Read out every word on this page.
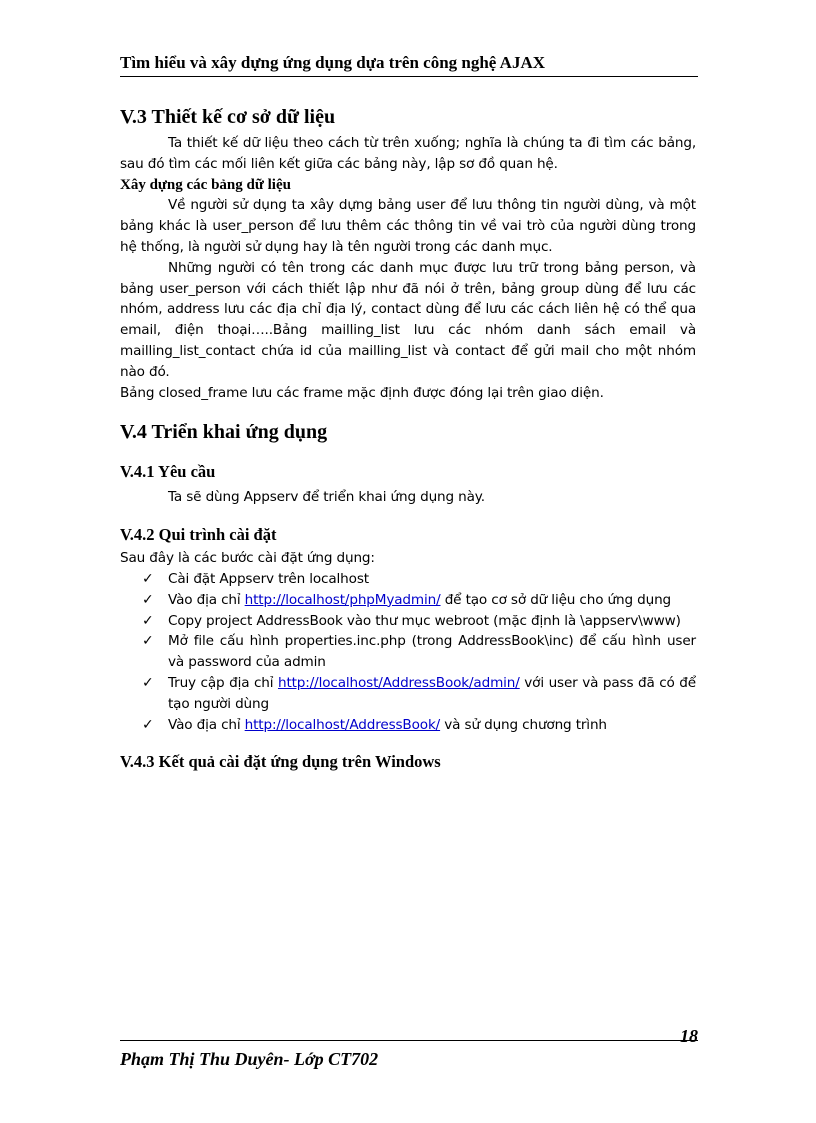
Tìm hiểu và xây dựng ứng dụng dựa trên công nghệ AJAX
V.3 Thiết kế cơ sở dữ liệu

Ta thiết kế dữ liệu theo cách từ trên xuống; nghĩa là chúng ta đi tìm các bảng, sau đó tìm các mối liên kết giữa các bảng này, lập sơ đồ quan hệ.

Xây dựng các bảng dữ liệu

Về người sử dụng ta xây dựng bảng user để lưu thông tin người dùng, và một bảng khác là user_person để lưu thêm các thông tin về vai trò của người dùng trong hệ thống, là người sử dụng hay là tên người trong các danh mục.

Những người có tên trong các danh mục được lưu trữ trong bảng person, và bảng user_person với cách thiết lập như đã nói ở trên, bảng group dùng để lưu các nhóm, address lưu các địa chỉ địa lý, contact dùng để lưu các cách liên hệ có thể qua email, điện thoại…..Bảng mailling_list lưu các nhóm danh sách email và mailling_list_contact chứa id của mailling_list và contact để gửi mail cho một nhóm nào đó.

Bảng closed_frame lưu các frame mặc định được đóng lại trên giao diện.

V.4 Triển khai ứng dụng
V.4.1 Yêu cầu

Ta sẽ dùng Appserv để triển khai ứng dụng này.

V.4.2 Qui trình cài đặt

Sau đây là các bước cài đặt ứng dụng:

✓ Cài đặt Appserv trên localhost
✓ Vào địa chỉ http://localhost/phpMyadmin/ để tạo cơ sở dữ liệu cho ứng dụng
✓ Copy project AddressBook vào thư mục webroot (mặc định là \appserv\www)
✓ Mở file cấu hình properties.inc.php (trong AddressBook\inc) để cấu hình user và password của admin
✓ Truy cập địa chỉ http://localhost/AddressBook/admin/ với user và pass đã có để tạo người dùng
✓ Vào địa chỉ http://localhost/AddressBook/ và sử dụng chương trình
V.4.3 Kết quả cài đặt ứng dụng trên Windows
18
Phạm Thị Thu Duyên- Lớp CT702
